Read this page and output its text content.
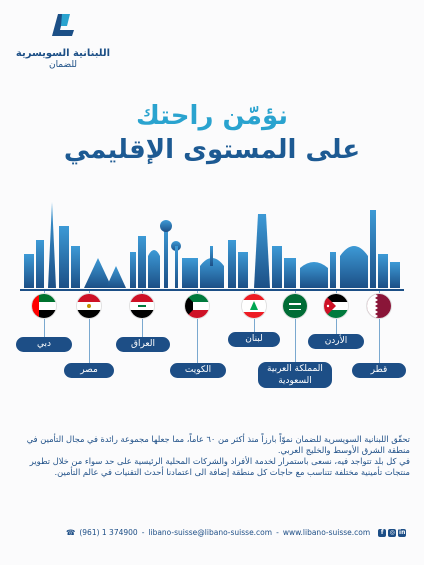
اللبنانية السويسرية
للضمان
نؤمّن راحتك
على المستوى الإقليمي
دبي
مصر
العراق
الكويت
لبنان
المملكة العربية السعودية
الأردن
قطر

تحقّق اللبنانية السويسرية للضمان نموّاً بارزاً منذ أكثر من ٦٠ عاماً، مما جعلها مجموعة رائدة في مجال التأمين في منطقة الشرق الأوسط والخليج العربي.

في كل بلد تتواجد فيه، نسعى باستمرار لخدمة الأفراد والشركات المحلية الرئيسية على حد سواء من خلال تطوير منتجات تأمينية مختلفة تتناسب مع حاجات كل منطقة إضافة الى اعتمادنا أحدث التقنيات في عالم التأمين.

☎ (961) 1 374900 - libano-suisse@libano-suisse.com - www.libano-suisse.com	f	◎ in
